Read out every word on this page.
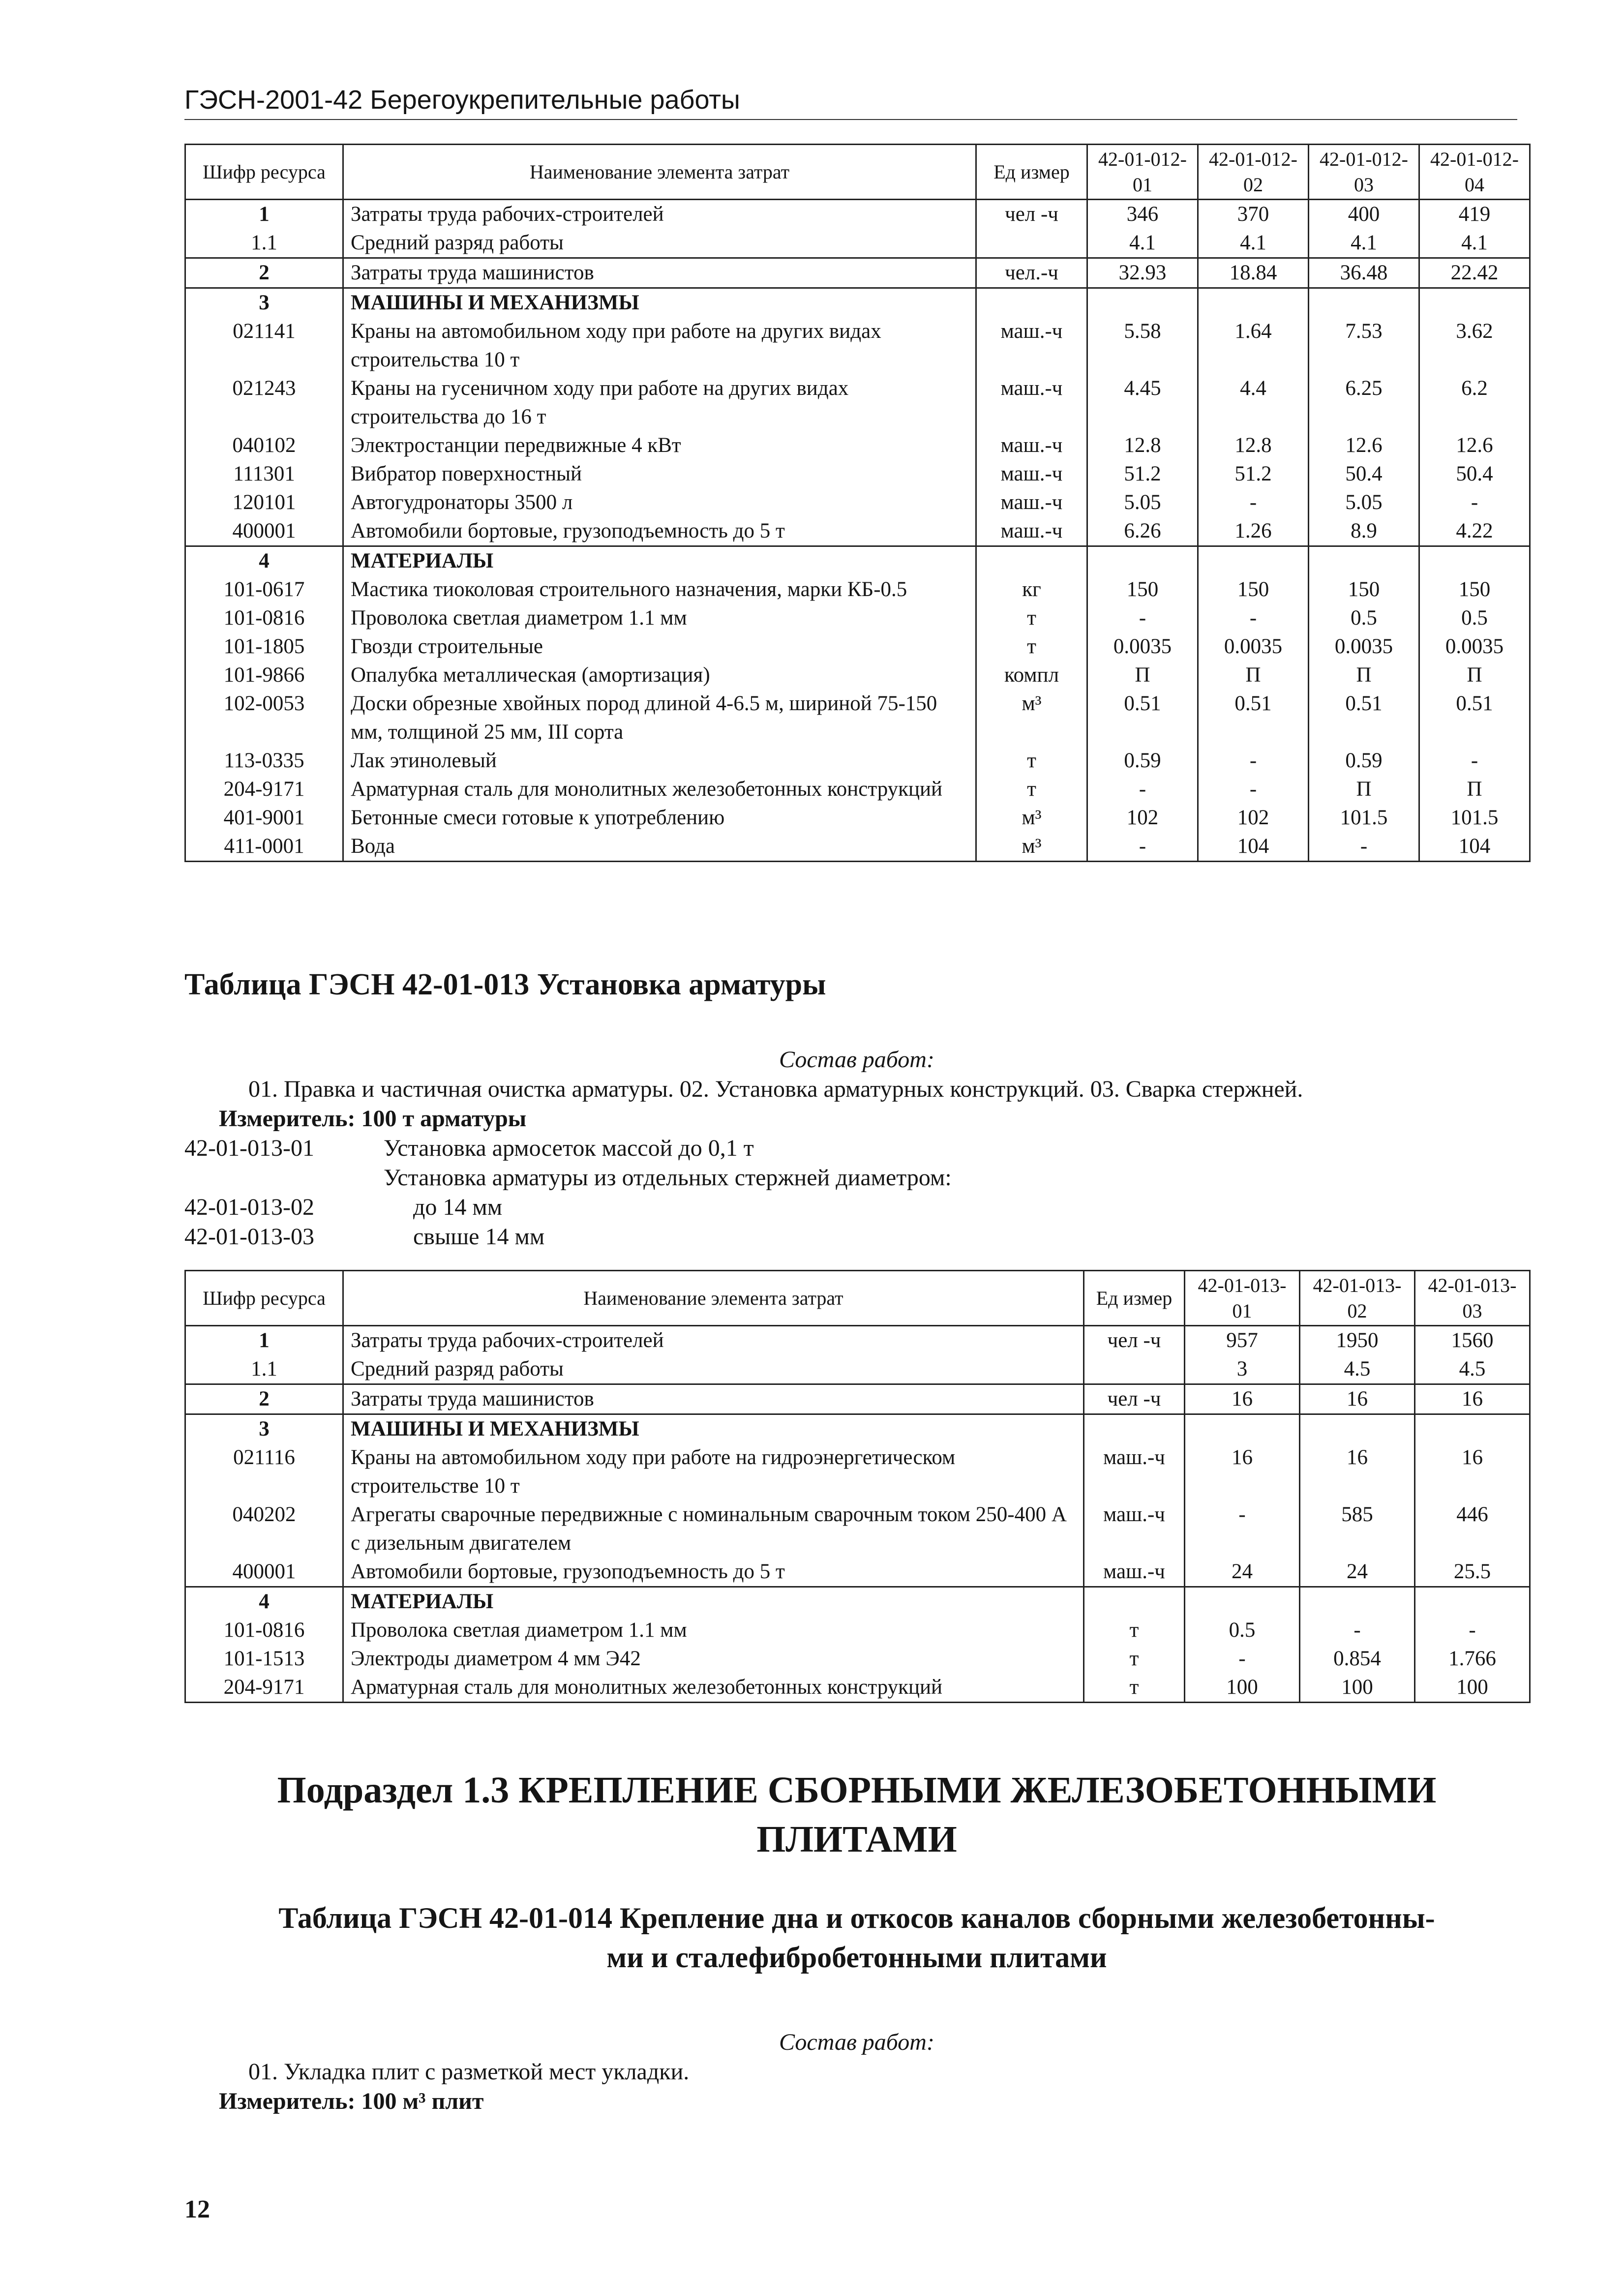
ГЭСН-2001-42 Берегоукрепительные работы
Шифр ресурса	Наименование элемента затрат	Ед измер	42-01-012-01	42-01-012-02	42-01-012-03	42-01-012-04
1	Затраты труда рабочих-строителей	чел -ч	346	370	400	419
1.1	Средний разряд работы		4.1	4.1	4.1	4.1
2	Затраты труда машинистов	чел.-ч	32.93	18.84	36.48	22.42
3	МАШИНЫ И МЕХАНИЗМЫ					
021141	Краны на автомобильном ходу при работе на других видах строительства 10 т	маш.-ч	5.58	1.64	7.53	3.62
021243	Краны на гусеничном ходу при работе на других видах строительства до 16 т	маш.-ч	4.45	4.4	6.25	6.2
040102	Электростанции передвижные 4 кВт	маш.-ч	12.8	12.8	12.6	12.6
111301	Вибратор поверхностный	маш.-ч	51.2	51.2	50.4	50.4
120101	Автогудронаторы 3500 л	маш.-ч	5.05	-	5.05	-
400001	Автомобили бортовые, грузоподъемность до 5 т	маш.-ч	6.26	1.26	8.9	4.22
4	МАТЕРИАЛЫ					
101-0617	Мастика тиоколовая строительного назначения, марки КБ-0.5	кг	150	150	150	150
101-0816	Проволока светлая диаметром 1.1 мм	т	-	-	0.5	0.5
101-1805	Гвозди строительные	т	0.0035	0.0035	0.0035	0.0035
101-9866	Опалубка металлическая (амортизация)	компл	П	П	П	П
102-0053	Доски обрезные хвойных пород длиной 4-6.5 м, шириной 75-150 мм, толщиной 25 мм, III сорта	м³	0.51	0.51	0.51	0.51
113-0335	Лак этинолевый	т	0.59	-	0.59	-
204-9171	Арматурная сталь для монолитных железобетонных конструкций	т	-	-	П	П
401-9001	Бетонные смеси готовые к употреблению	м³	102	102	101.5	101.5
411-0001	Вода	м³	-	104	-	104
Таблица ГЭСН 42-01-013 Установка арматуры
Состав работ:
01. Правка и частичная очистка арматуры. 02. Установка арматурных конструкций. 03. Сварка стержней.
Измеритель: 100 т арматуры
42-01-013-01	Установка армосеток массой до 0,1 т
Установка арматуры из отдельных стержней диаметром:
42-01-013-02	до 14 мм
42-01-013-03	свыше 14 мм
Шифр ресурса	Наименование элемента затрат	Ед измер	42-01-013-01	42-01-013-02	42-01-013-03
1	Затраты труда рабочих-строителей	чел -ч	957	1950	1560
1.1	Средний разряд работы		3	4.5	4.5
2	Затраты труда машинистов	чел -ч	16	16	16
3	МАШИНЫ И МЕХАНИЗМЫ				
021116	Краны на автомобильном ходу при работе на гидроэнергетическом строительстве 10 т	маш.-ч	16	16	16
040202	Агрегаты сварочные передвижные с номинальным сварочным током 250-400 А с дизельным двигателем	маш.-ч	-	585	446
400001	Автомобили бортовые, грузоподъемность до 5 т	маш.-ч	24	24	25.5
4	МАТЕРИАЛЫ				
101-0816	Проволока светлая диаметром 1.1 мм	т	0.5	-	-
101-1513	Электроды диаметром 4 мм Э42	т	-	0.854	1.766
204-9171	Арматурная сталь для монолитных железобетонных конструкций	т	100	100	100
Подраздел 1.3 КРЕПЛЕНИЕ СБОРНЫМИ ЖЕЛЕЗОБЕТОННЫМИ
ПЛИТАМИ
Таблица ГЭСН 42-01-014 Крепление дна и откосов каналов сборными железобетонны-
ми и сталефибробетонными плитами
Состав работ:
01. Укладка плит с разметкой мест укладки.
Измеритель: 100 м³ плит
12
